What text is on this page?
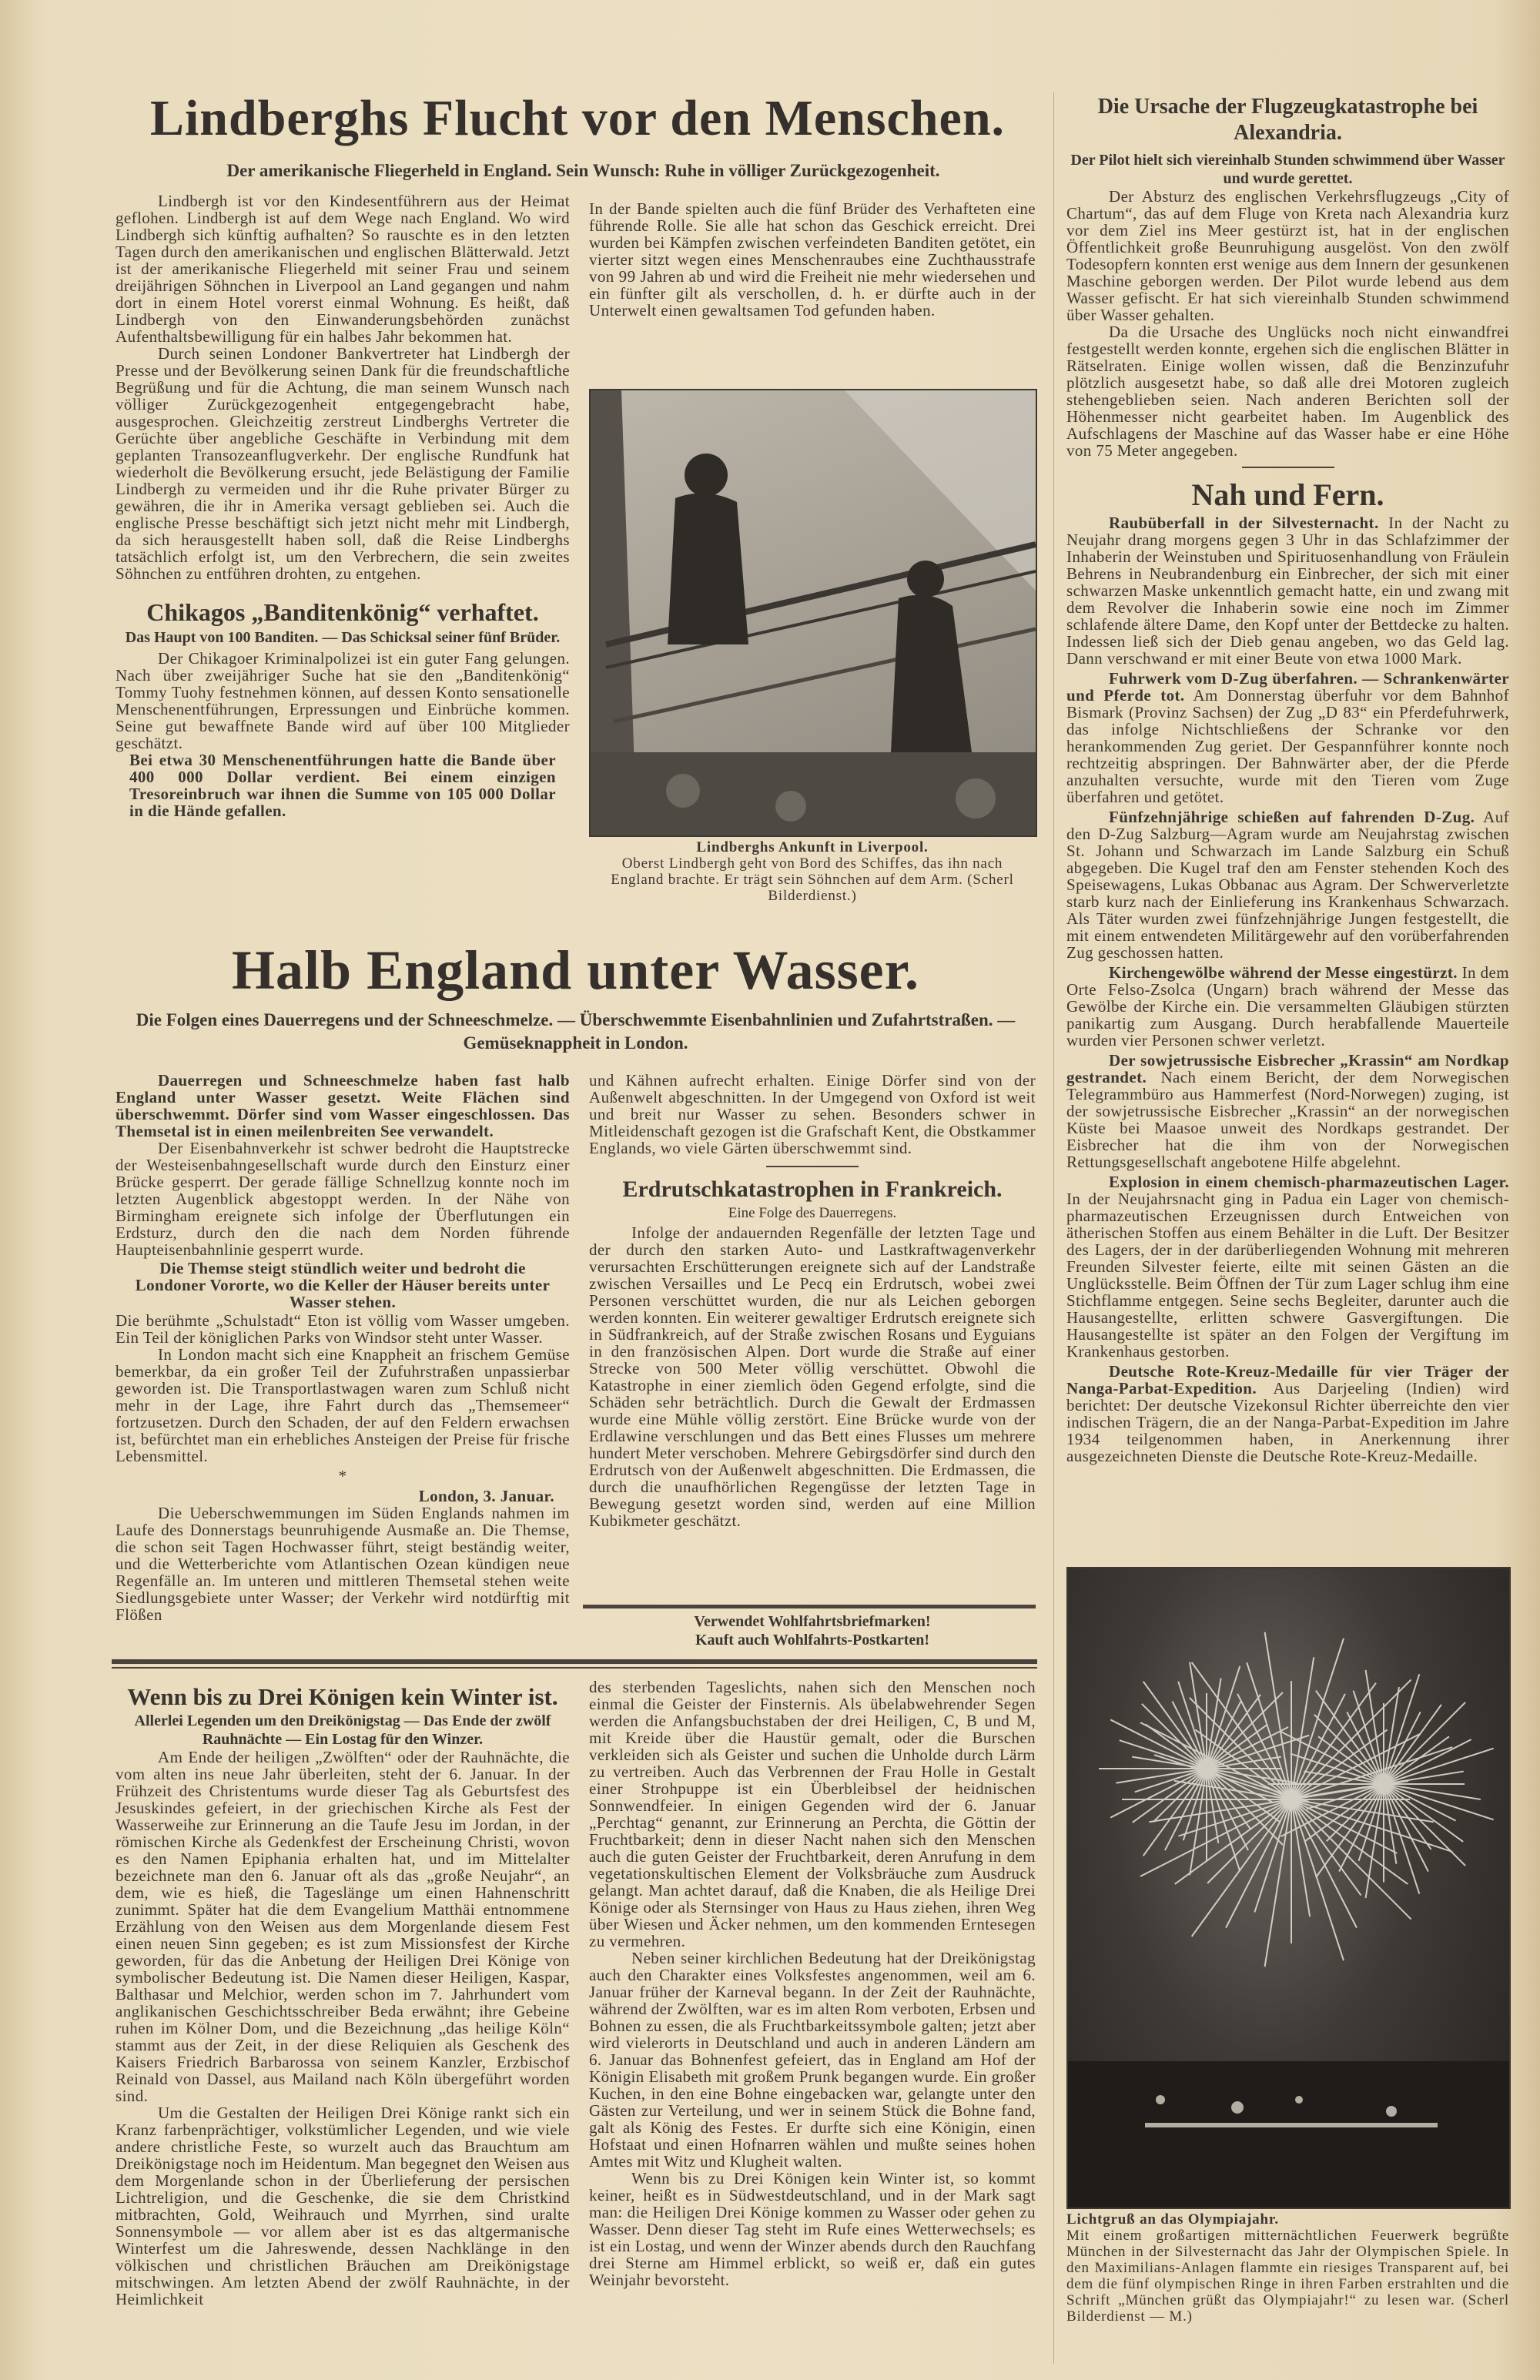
Lindberghs Flucht vor den Menschen.
Der amerikanische Fliegerheld in England. Sein Wunsch: Ruhe in völliger Zurückgezogenheit.

Lindbergh ist vor den Kindesentführern aus der Heimat geflohen. Lindbergh ist auf dem Wege nach England. Wo wird Lindbergh sich künftig aufhalten? So rauschte es in den letzten Tagen durch den amerikanischen und englischen Blätterwald. Jetzt ist der amerikanische Fliegerheld mit seiner Frau und seinem dreijährigen Söhnchen in Liverpool an Land gegangen und nahm dort in einem Hotel vorerst einmal Wohnung. Es heißt, daß Lindbergh von den Einwanderungsbehörden zunächst Aufenthaltsbewilligung für ein halbes Jahr bekommen hat.

Durch seinen Londoner Bankvertreter hat Lindbergh der Presse und der Bevölkerung seinen Dank für die freundschaftliche Begrüßung und für die Achtung, die man seinem Wunsch nach völliger Zurückgezogenheit entgegengebracht habe, ausgesprochen. Gleichzeitig zerstreut Lindberghs Vertreter die Gerüchte über angebliche Geschäfte in Verbindung mit dem geplanten Transozeanflugverkehr. Der englische Rundfunk hat wiederholt die Bevölkerung ersucht, jede Belästigung der Familie Lindbergh zu vermeiden und ihr die Ruhe privater Bürger zu gewähren, die ihr in Amerika versagt geblieben sei. Auch die englische Presse beschäftigt sich jetzt nicht mehr mit Lindbergh, da sich herausgestellt haben soll, daß die Reise Lindberghs tatsächlich erfolgt ist, um den Verbrechern, die sein zweites Söhnchen zu entführen drohten, zu entgehen.

Chikagos „Banditenkönig“ verhaftet.
Das Haupt von 100 Banditen. — Das Schicksal seiner fünf Brüder.

Der Chikagoer Kriminalpolizei ist ein guter Fang gelungen. Nach über zweijähriger Suche hat sie den „Banditenkönig“ Tommy Tuohy festnehmen können, auf dessen Konto sensationelle Menschenentführungen, Erpressungen und Einbrüche kommen. Seine gut bewaffnete Bande wird auf über 100 Mitglieder geschätzt.

Bei etwa 30 Menschenentführungen hatte die Bande über 400 000 Dollar verdient. Bei einem einzigen Tresoreinbruch war ihnen die Summe von 105 000 Dollar in die Hände gefallen.

In der Bande spielten auch die fünf Brüder des Verhafteten eine führende Rolle. Sie alle hat schon das Geschick erreicht. Drei wurden bei Kämpfen zwischen verfeindeten Banditen getötet, ein vierter sitzt wegen eines Menschenraubes eine Zuchthausstrafe von 99 Jahren ab und wird die Freiheit nie mehr wiedersehen und ein fünfter gilt als verschollen, d. h. er dürfte auch in der Unterwelt einen gewaltsamen Tod gefunden haben.

Lindberghs Ankunft in Liverpool.
Oberst Lindbergh geht von Bord des Schiffes, das ihn nach England brachte. Er trägt sein Söhnchen auf dem Arm. (Scherl Bilderdienst.)
Die Ursache der Flugzeugkatastrophe bei Alexandria.
Der Pilot hielt sich viereinhalb Stunden schwimmend über Wasser und wurde gerettet.

Der Absturz des englischen Verkehrsflugzeugs „City of Chartum“, das auf dem Fluge von Kreta nach Alexandria kurz vor dem Ziel ins Meer gestürzt ist, hat in der englischen Öffentlichkeit große Beunruhigung ausgelöst. Von den zwölf Todesopfern konnten erst wenige aus dem Innern der gesunkenen Maschine geborgen werden. Der Pilot wurde lebend aus dem Wasser gefischt. Er hat sich viereinhalb Stunden schwimmend über Wasser gehalten.

Da die Ursache des Unglücks noch nicht einwandfrei festgestellt werden konnte, ergehen sich die englischen Blätter in Rätselraten. Einige wollen wissen, daß die Benzinzufuhr plötzlich ausgesetzt habe, so daß alle drei Motoren zugleich stehengeblieben seien. Nach anderen Berichten soll der Höhenmesser nicht gearbeitet haben. Im Augenblick des Aufschlagens der Maschine auf das Wasser habe er eine Höhe von 75 Meter angegeben.

Nah und Fern.

Raubüberfall in der Silvesternacht. In der Nacht zu Neujahr drang morgens gegen 3 Uhr in das Schlafzimmer der Inhaberin der Weinstuben und Spirituosenhandlung von Fräulein Behrens in Neubrandenburg ein Einbrecher, der sich mit einer schwarzen Maske unkenntlich gemacht hatte, ein und zwang mit dem Revolver die Inhaberin sowie eine noch im Zimmer schlafende ältere Dame, den Kopf unter der Bettdecke zu halten. Indessen ließ sich der Dieb genau angeben, wo das Geld lag. Dann verschwand er mit einer Beute von etwa 1000 Mark.

Fuhrwerk vom D-Zug überfahren. — Schrankenwärter und Pferde tot. Am Donnerstag überfuhr vor dem Bahnhof Bismark (Provinz Sachsen) der Zug „D 83“ ein Pferdefuhrwerk, das infolge Nichtschließens der Schranke vor den herankommenden Zug geriet. Der Gespannführer konnte noch rechtzeitig abspringen. Der Bahnwärter aber, der die Pferde anzuhalten versuchte, wurde mit den Tieren vom Zuge überfahren und getötet.

Fünfzehnjährige schießen auf fahrenden D-Zug. Auf den D-Zug Salzburg—Agram wurde am Neujahrstag zwischen St. Johann und Schwarzach im Lande Salzburg ein Schuß abgegeben. Die Kugel traf den am Fenster stehenden Koch des Speisewagens, Lukas Obbanac aus Agram. Der Schwerverletzte starb kurz nach der Einlieferung ins Krankenhaus Schwarzach. Als Täter wurden zwei fünfzehnjährige Jungen festgestellt, die mit einem entwendeten Militärgewehr auf den vorüberfahrenden Zug geschossen hatten.

Kirchengewölbe während der Messe eingestürzt. In dem Orte Felso-Zsolca (Ungarn) brach während der Messe das Gewölbe der Kirche ein. Die versammelten Gläubigen stürzten panikartig zum Ausgang. Durch herabfallende Mauerteile wurden vier Personen schwer verletzt.

Der sowjetrussische Eisbrecher „Krassin“ am Nordkap gestrandet. Nach einem Bericht, der dem Norwegischen Telegrammbüro aus Hammerfest (Nord-Norwegen) zuging, ist der sowjetrussische Eisbrecher „Krassin“ an der norwegischen Küste bei Maasoe unweit des Nordkaps gestrandet. Der Eisbrecher hat die ihm von der Norwegischen Rettungsgesellschaft angebotene Hilfe abgelehnt.

Explosion in einem chemisch-pharmazeutischen Lager. In der Neujahrsnacht ging in Padua ein Lager von chemisch-pharmazeutischen Erzeugnissen durch Entweichen von ätherischen Stoffen aus einem Behälter in die Luft. Der Besitzer des Lagers, der in der darüberliegenden Wohnung mit mehreren Freunden Silvester feierte, eilte mit seinen Gästen an die Unglücksstelle. Beim Öffnen der Tür zum Lager schlug ihm eine Stichflamme entgegen. Seine sechs Begleiter, darunter auch die Hausangestellte, erlitten schwere Gasvergiftungen. Die Hausangestellte ist später an den Folgen der Vergiftung im Krankenhaus gestorben.

Deutsche Rote-Kreuz-Medaille für vier Träger der Nanga-Parbat-Expedition. Aus Darjeeling (Indien) wird berichtet: Der deutsche Vizekonsul Richter überreichte den vier indischen Trägern, die an der Nanga-Parbat-Expedition im Jahre 1934 teilgenommen haben, in Anerkennung ihrer ausgezeichneten Dienste die Deutsche Rote-Kreuz-Medaille.

Lichtgruß an das Olympiajahr.
Mit einem großartigen mitternächtlichen Feuerwerk begrüßte München in der Silvesternacht das Jahr der Olympischen Spiele. In den Maximilians-Anlagen flammte ein riesiges Transparent auf, bei dem die fünf olympischen Ringe in ihren Farben erstrahlten und die Schrift „München grüßt das Olympiajahr!“ zu lesen war. (Scherl Bilderdienst — M.)
Halb England unter Wasser.
Die Folgen eines Dauerregens und der Schneeschmelze. — Überschwemmte Eisenbahnlinien und Zufahrtstraßen. — Gemüseknappheit in London.

Dauerregen und Schneeschmelze haben fast halb England unter Wasser gesetzt. Weite Flächen sind überschwemmt. Dörfer sind vom Wasser eingeschlossen. Das Themsetal ist in einen meilenbreiten See verwandelt.

Der Eisenbahnverkehr ist schwer bedroht die Hauptstrecke der Westeisenbahngesellschaft wurde durch den Einsturz einer Brücke gesperrt. Der gerade fällige Schnellzug konnte noch im letzten Augenblick abgestoppt werden. In der Nähe von Birmingham ereignete sich infolge der Überflutungen ein Erdsturz, durch den die nach dem Norden führende Haupteisenbahnlinie gesperrt wurde.

Die Themse steigt stündlich weiter und bedroht die Londoner Vororte, wo die Keller der Häuser bereits unter Wasser stehen.

Die berühmte „Schulstadt“ Eton ist völlig vom Wasser umgeben. Ein Teil der königlichen Parks von Windsor steht unter Wasser.

In London macht sich eine Knappheit an frischem Gemüse bemerkbar, da ein großer Teil der Zufuhrstraßen unpassierbar geworden ist. Die Transportlastwagen waren zum Schluß nicht mehr in der Lage, ihre Fahrt durch das „Themsemeer“ fortzusetzen. Durch den Schaden, der auf den Feldern erwachsen ist, befürchtet man ein erhebliches Ansteigen der Preise für frische Lebensmittel.

*

London, 3. Januar.

Die Ueberschwemmungen im Süden Englands nahmen im Laufe des Donnerstags beunruhigende Ausmaße an. Die Themse, die schon seit Tagen Hochwasser führt, steigt beständig weiter, und die Wetterberichte vom Atlantischen Ozean kündigen neue Regenfälle an. Im unteren und mittleren Themsetal stehen weite Siedlungsgebiete unter Wasser; der Verkehr wird notdürftig mit Flößen

und Kähnen aufrecht erhalten. Einige Dörfer sind von der Außenwelt abgeschnitten. In der Umgegend von Oxford ist weit und breit nur Wasser zu sehen. Besonders schwer in Mitleidenschaft gezogen ist die Grafschaft Kent, die Obstkammer Englands, wo viele Gärten überschwemmt sind.

Erdrutschkatastrophen in Frankreich.
Eine Folge des Dauerregens.

Infolge der andauernden Regenfälle der letzten Tage und der durch den starken Auto- und Lastkraftwagenverkehr verursachten Erschütterungen ereignete sich auf der Landstraße zwischen Versailles und Le Pecq ein Erdrutsch, wobei zwei Personen verschüttet wurden, die nur als Leichen geborgen werden konnten. Ein weiterer gewaltiger Erdrutsch ereignete sich in Südfrankreich, auf der Straße zwischen Rosans und Eyguians in den französischen Alpen. Dort wurde die Straße auf einer Strecke von 500 Meter völlig verschüttet. Obwohl die Katastrophe in einer ziemlich öden Gegend erfolgte, sind die Schäden sehr beträchtlich. Durch die Gewalt der Erdmassen wurde eine Mühle völlig zerstört. Eine Brücke wurde von der Erdlawine verschlungen und das Bett eines Flusses um mehrere hundert Meter verschoben. Mehrere Gebirgsdörfer sind durch den Erdrutsch von der Außenwelt abgeschnitten. Die Erdmassen, die durch die unaufhörlichen Regengüsse der letzten Tage in Bewegung gesetzt worden sind, werden auf eine Million Kubikmeter geschätzt.

Verwendet Wohlfahrtsbriefmarken!
Kauft auch Wohlfahrts-Postkarten!
Wenn bis zu Drei Königen kein Winter ist.
Allerlei Legenden um den Dreikönigstag — Das Ende der zwölf Rauhnächte — Ein Lostag für den Winzer.

Am Ende der heiligen „Zwölften“ oder der Rauhnächte, die vom alten ins neue Jahr überleiten, steht der 6. Januar. In der Frühzeit des Christentums wurde dieser Tag als Geburtsfest des Jesuskindes gefeiert, in der griechischen Kirche als Fest der Wasserweihe zur Erinnerung an die Taufe Jesu im Jordan, in der römischen Kirche als Gedenkfest der Erscheinung Christi, wovon es den Namen Epiphania erhalten hat, und im Mittelalter bezeichnete man den 6. Januar oft als das „große Neujahr“, an dem, wie es hieß, die Tageslänge um einen Hahnenschritt zunimmt. Später hat die dem Evangelium Matthäi entnommene Erzählung von den Weisen aus dem Morgenlande diesem Fest einen neuen Sinn gegeben; es ist zum Missionsfest der Kirche geworden, für das die Anbetung der Heiligen Drei Könige von symbolischer Bedeutung ist. Die Namen dieser Heiligen, Kaspar, Balthasar und Melchior, werden schon im 7. Jahrhundert vom anglikanischen Geschichtsschreiber Beda erwähnt; ihre Gebeine ruhen im Kölner Dom, und die Bezeichnung „das heilige Köln“ stammt aus der Zeit, in der diese Reliquien als Geschenk des Kaisers Friedrich Barbarossa von seinem Kanzler, Erzbischof Reinald von Dassel, aus Mailand nach Köln übergeführt worden sind.

Um die Gestalten der Heiligen Drei Könige rankt sich ein Kranz farbenprächtiger, volkstümlicher Legenden, und wie viele andere christliche Feste, so wurzelt auch das Brauchtum am Dreikönigstage noch im Heidentum. Man begegnet den Weisen aus dem Morgenlande schon in der Überlieferung der persischen Lichtreligion, und die Geschenke, die sie dem Christkind mitbrachten, Gold, Weihrauch und Myrrhen, sind uralte Sonnensymbole — vor allem aber ist es das altgermanische Winterfest um die Jahreswende, dessen Nachklänge in den völkischen und christlichen Bräuchen am Dreikönigstage mitschwingen. Am letzten Abend der zwölf Rauhnächte, in der Heimlichkeit

des sterbenden Tageslichts, nahen sich den Menschen noch einmal die Geister der Finsternis. Als übelabwehrender Segen werden die Anfangsbuchstaben der drei Heiligen, C, B und M, mit Kreide über die Haustür gemalt, oder die Burschen verkleiden sich als Geister und suchen die Unholde durch Lärm zu vertreiben. Auch das Verbrennen der Frau Holle in Gestalt einer Strohpuppe ist ein Überbleibsel der heidnischen Sonnwendfeier. In einigen Gegenden wird der 6. Januar „Perchtag“ genannt, zur Erinnerung an Perchta, die Göttin der Fruchtbarkeit; denn in dieser Nacht nahen sich den Menschen auch die guten Geister der Fruchtbarkeit, deren Anrufung in dem vegetationskultischen Element der Volksbräuche zum Ausdruck gelangt. Man achtet darauf, daß die Knaben, die als Heilige Drei Könige oder als Sternsinger von Haus zu Haus ziehen, ihren Weg über Wiesen und Äcker nehmen, um den kommenden Erntesegen zu vermehren.

Neben seiner kirchlichen Bedeutung hat der Dreikönigstag auch den Charakter eines Volksfestes angenommen, weil am 6. Januar früher der Karneval begann. In der Zeit der Rauhnächte, während der Zwölften, war es im alten Rom verboten, Erbsen und Bohnen zu essen, die als Fruchtbarkeitssymbole galten; jetzt aber wird vielerorts in Deutschland und auch in anderen Ländern am 6. Januar das Bohnenfest gefeiert, das in England am Hof der Königin Elisabeth mit großem Prunk begangen wurde. Ein großer Kuchen, in den eine Bohne eingebacken war, gelangte unter den Gästen zur Verteilung, und wer in seinem Stück die Bohne fand, galt als König des Festes. Er durfte sich eine Königin, einen Hofstaat und einen Hofnarren wählen und mußte seines hohen Amtes mit Witz und Klugheit walten.

Wenn bis zu Drei Königen kein Winter ist, so kommt keiner, heißt es in Südwestdeutschland, und in der Mark sagt man: die Heiligen Drei Könige kommen zu Wasser oder gehen zu Wasser. Denn dieser Tag steht im Rufe eines Wetterwechsels; es ist ein Lostag, und wenn der Winzer abends durch den Rauchfang drei Sterne am Himmel erblickt, so weiß er, daß ein gutes Weinjahr bevorsteht.
